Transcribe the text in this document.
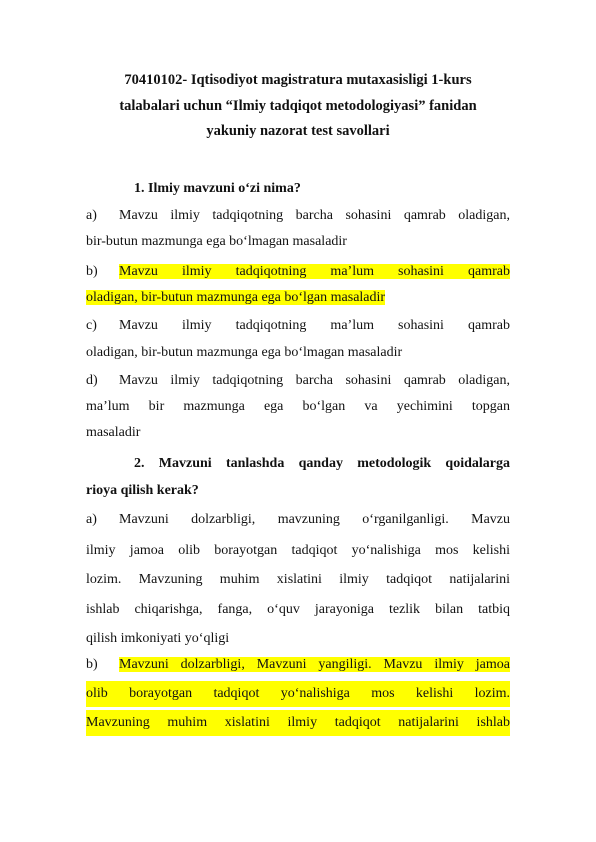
70410102- Iqtisodiyot magistratura mutaxasisligi 1-kurs
talabalari uchun “Ilmiy tadqiqot metodologiyasi” fanidan
yakuniy nazorat test savollari
1. Ilmiy mavzuni o‘zi nima?
a) Mavzu ilmiy tadqiqotning barcha sohasini qamrab oladigan,
bir-butun mazmunga ega bo‘lmagan masaladir
b) Mavzu ilmiy tadqiqotning ma’lum sohasini qamrab
oladigan, bir-butun mazmunga ega bo‘lgan masaladir
c) Mavzu ilmiy tadqiqotning ma’lum sohasini qamrab
oladigan, bir-butun mazmunga ega bo‘lmagan masaladir
d) Mavzu ilmiy tadqiqotning barcha sohasini qamrab oladigan,
ma’lum bir mazmunga ega bo‘lgan va yechimini topgan
masaladir
2. Mavzuni tanlashda qanday metodologik qoidalarga
rioya qilish kerak?
a) Mavzuni dolzarbligi, mavzuning o‘rganilganligi. Mavzu
ilmiy jamoa olib borayotgan tadqiqot yo‘nalishiga mos kelishi
lozim. Mavzuning muhim xislatini ilmiy tadqiqot natijalarini
ishlab chiqarishga, fanga, o‘quv jarayoniga tezlik bilan tatbiq
qilish imkoniyati yo‘qligi
b) Mavzuni dolzarbligi, Mavzuni yangiligi. Mavzu ilmiy jamoa
olib borayotgan tadqiqot yo‘nalishiga mos kelishi lozim.
Mavzuning muhim xislatini ilmiy tadqiqot natijalarini ishlab
